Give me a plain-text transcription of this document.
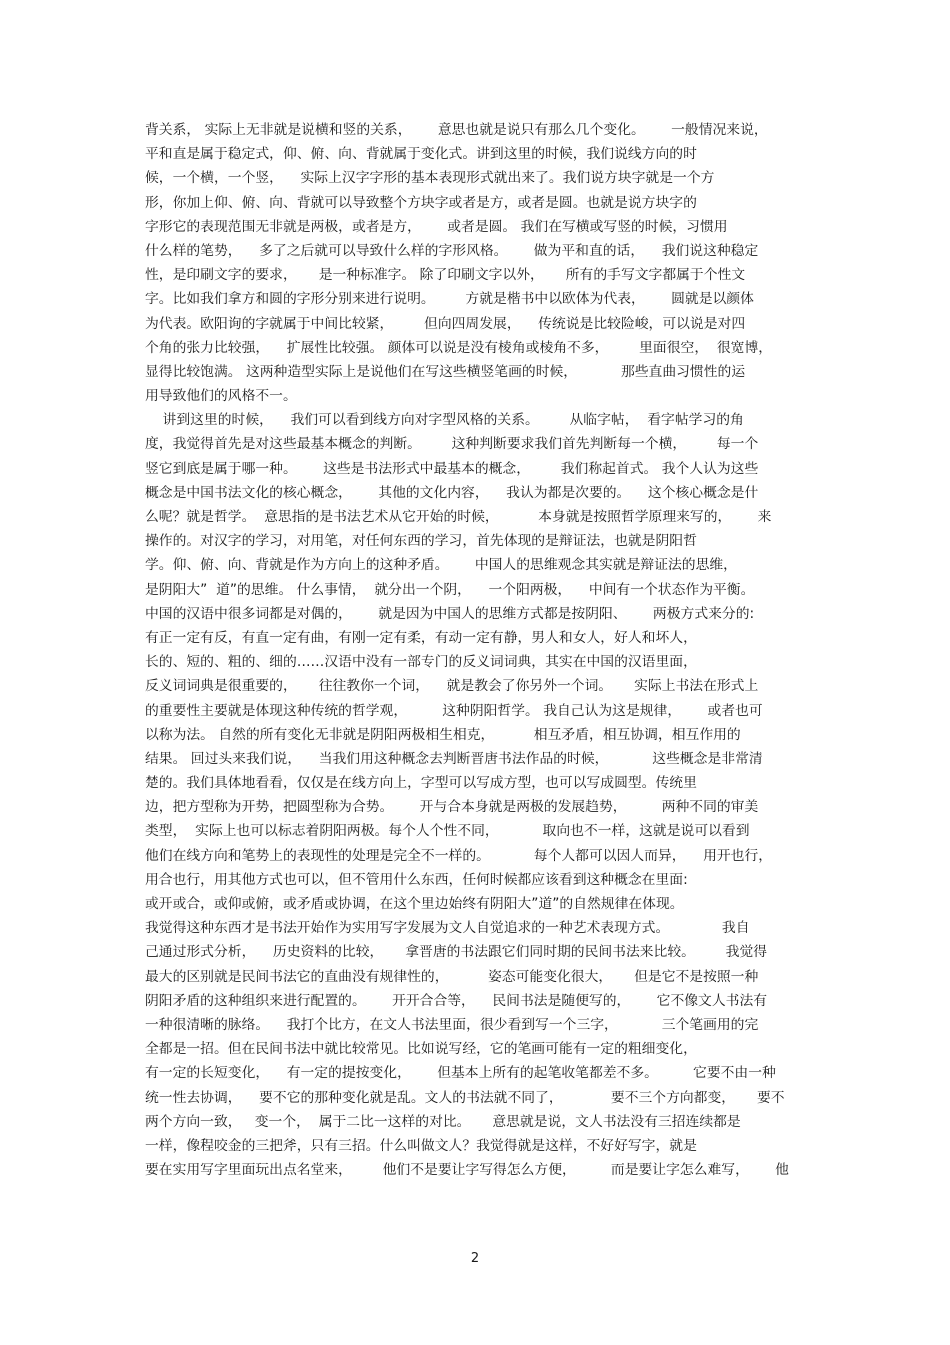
背关系， 实际上无非就是说横和竖的关系，      意思也就是说只有那么几个变化。      一般情况来说，
平和直是属于稳定式，仰、俯、向、背就属于变化式。讲到这里的时候，我们说线方向的时
候，一个横，一个竖，    实际上汉字字形的基本表现形式就出来了。我们说方块字就是一个方
形，你加上仰、俯、向、背就可以导致整个方块字或者是方，或者是圆。也就是说方块字的
字形它的表现范围无非就是两极，或者是方，      或者是圆。 我们在写横或写竖的时候，习惯用
什么样的笔势，    多了之后就可以导致什么样的字形风格。      做为平和直的话，    我们说这种稳定
性，是印刷文字的要求，     是一种标准字。 除了印刷文字以外，     所有的手写文字都属于个性文
字。比如我们拿方和圆的字形分别来进行说明。       方就是楷书中以欧体为代表，      圆就是以颜体
为代表。欧阳询的字就属于中间比较紧，       但向四周发展，    传统说是比较险峻，可以说是对四
个角的张力比较强，    扩展性比较强。 颜体可以说是没有棱角或棱角不多，       里面很空，  很宽博，
显得比较饱满。 这两种造型实际上是说他们在写这些横竖笔画的时候，          那些直曲习惯性的运
用导致他们的风格不一。
讲到这里的时候，    我们可以看到线方向对字型风格的关系。       从临字帖，  看字帖学习的角
度，我觉得首先是对这些最基本概念的判断。       这种判断要求我们首先判断每一个横，       每一个
竖它到底是属于哪一种。      这些是书法形式中最基本的概念，       我们称起首式。 我个人认为这些
概念是中国书法文化的核心概念，      其他的文化内容，    我认为都是次要的。    这个核心概念是什
么呢？就是哲学。  意思指的是书法艺术从它开始的时候，         本身就是按照哲学原理来写的，      来
操作的。对汉字的学习，对用笔，对任何东西的学习，首先体现的是辩证法，也就是阴阳哲
学。仰、俯、向、背就是作为方向上的这种矛盾。      中国人的思维观念其实就是辩证法的思维，
是阴阳大”  道”的思维。 什么事情，  就分出一个阴，    一个阳两极，    中间有一个状态作为平衡。
中国的汉语中很多词都是对偶的，      就是因为中国人的思维方式都是按阴阳、      两极方式来分的:
有正一定有反，有直一定有曲，有刚一定有柔，有动一定有静，男人和女人，好人和坏人，
长的、短的、粗的、细的……汉语中没有一部专门的反义词词典，其实在中国的汉语里面，
反义词词典是很重要的，     往往教你一个词，    就是教会了你另外一个词。     实际上书法在形式上
的重要性主要就是体现这种传统的哲学观，        这种阴阳哲学。 我自己认为这是规律，      或者也可
以称为法。 自然的所有变化无非就是阴阳两极相生相克，         相互矛盾，相互协调，相互作用的
结果。 回过头来我们说，    当我们用这种概念去判断晋唐书法作品的时候，          这些概念是非常清
楚的。我们具体地看看，仅仅是在线方向上，字型可以写成方型，也可以写成圆型。传统里
边，把方型称为开势，把圆型称为合势。      开与合本身就是两极的发展趋势，        两种不同的审美
类型，  实际上也可以标志着阴阳两极。每个人个性不同，          取向也不一样，这就是说可以看到
他们在线方向和笔势上的表现性的处理是完全不一样的。          每个人都可以因人而异，    用开也行，
用合也行，用其他方式也可以，但不管用什么东西，任何时候都应该看到这种概念在里面:
或开或合，或仰或俯，或矛盾或协调，在这个里边始终有阴阳大”道”的自然规律在体现。
我觉得这种东西才是书法开始作为实用写字发展为文人自觉追求的一种艺术表现方式。            我自
己通过形式分析，    历史资料的比较，     拿晋唐的书法跟它们同时期的民间书法来比较。       我觉得
最大的区别就是民间书法它的直曲没有规律性的，         姿态可能变化很大，     但是它不是按照一种
阴阳矛盾的这种组织来进行配置的。      开开合合等，    民间书法是随便写的，      它不像文人书法有
一种很清晰的脉络。    我打个比方，在文人书法里面，很少看到写一个三字，          三个笔画用的完
全都是一招。但在民间书法中就比较常见。比如说写经，它的笔画可能有一定的粗细变化，
有一定的长短变化，    有一定的提按变化，      但基本上所有的起笔收笔都差不多。        它要不由一种
统一性去协调，    要不它的那种变化就是乱。文人的书法就不同了，           要不三个方向都变，     要不
两个方向一致，   变一个，  属于二比一这样的对比。     意思就是说，文人书法没有三招连续都是
一样，像程咬金的三把斧，只有三招。什么叫做文人？我觉得就是这样，不好好写字，就是
要在实用写字里面玩出点名堂来，       他们不是要让字写得怎么方便，        而是要让字怎么难写，      他
2
